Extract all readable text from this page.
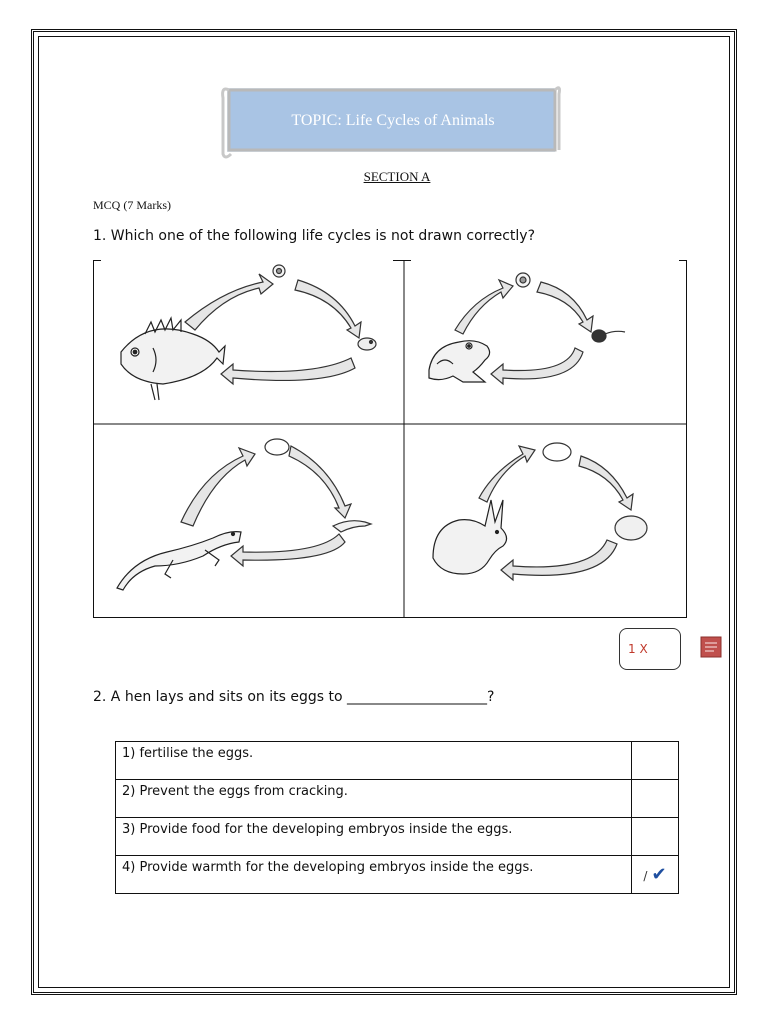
TOPIC: Life Cycles of Animals
SECTION A
MCQ (7 Marks)
1. Which one of the following life cycles is not drawn correctly?
1 X
2. A hen lays and sits on its eggs to ____________________?
1) fertilise the eggs.	
2) Prevent the eggs from cracking.	
3) Provide food for the developing embryos inside the eggs.	
4) Provide warmth for the developing embryos inside the eggs.	/ ✔
